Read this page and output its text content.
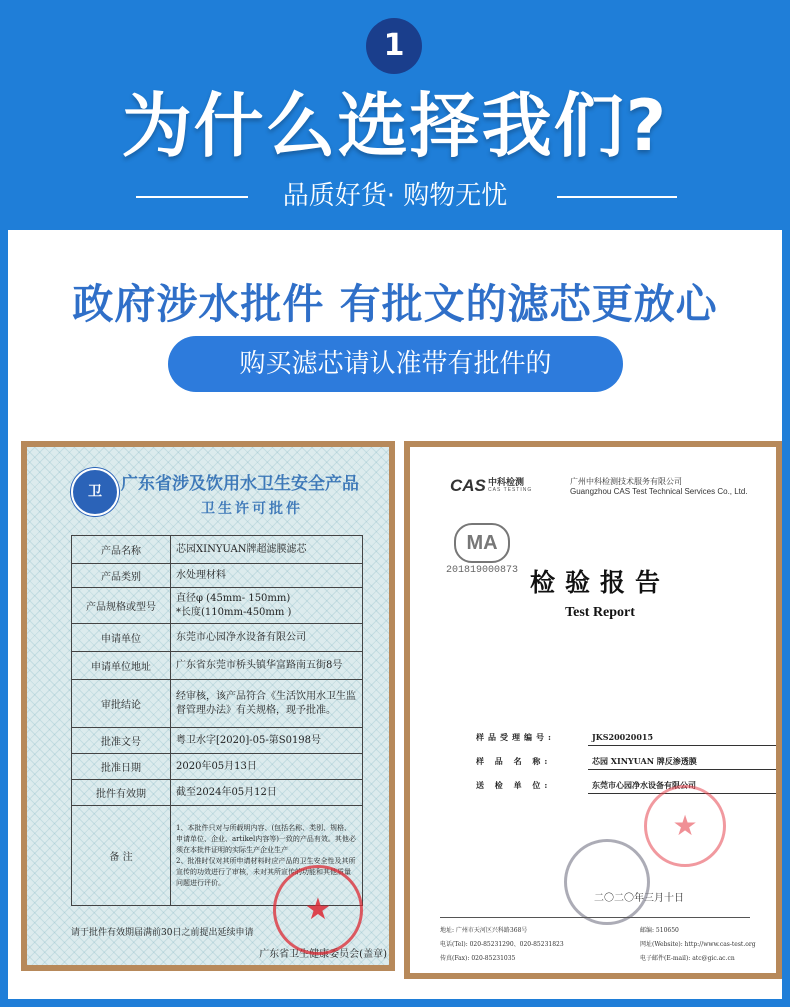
1
为什么选择我们?
品质好货· 购物无忧
政府涉水批件 有批文的滤芯更放心
购买滤芯请认准带有批件的
卫	广东省涉及饮用水卫生安全产品
卫生许可批件
产品名称	芯园XINYUAN牌超滤膜滤芯
产品类别	水处理材料
产品规格或型号	直径φ (45mm- 150mm)
*长度(110mm-450mm )
申请单位	东莞市心园净水设备有限公司
申请单位地址	广东省东莞市桥头镇华富路南五街8号
审批结论	经审核，该产品符合《生活饮用水卫生监督管理办法》有关规格，现予批准。
批准文号	粤卫水字[2020]-05-第S0198号
批准日期	2020年05月13日
批件有效期	截至2024年05月12日
备 注	1、本批件只对与所载明内容、(包括名称、类别、规格、申请单位、企业、artikel内容等)一致的产品有效。其他必须在本批件证明的实际生产企业生产
2、批准时仅对其所申请材料时应产品的卫生安全性及其所宣传的功效进行了审核，未对其所宣传的功能和其他质量问题进行评价。
请于批件有效期届满前30日之前提出延续申请
广东省卫生健康委员会(盖章)
★
CAS 中科检测
CAS TESTING
广州中科检测技术服务有限公司
Guangzhou CAS Test Technical Services Co., Ltd.
MA
201819000873 检验报告
Test Report
样品受理编号:	JKS20020015
样 品 名 称:	芯园 XINYUAN 牌反渗透膜
送 检 单 位:	东莞市心园净水设备有限公司
★
二〇二〇年三月十日
地址: 广州市天河区兴科路368号	邮编: 510650
电话(Tel): 020-85231290、020-85231823	网址(Website): http://www.cas-test.org
传真(Fax): 020-85231035	电子邮件(E-mail): atc@gic.ac.cn
